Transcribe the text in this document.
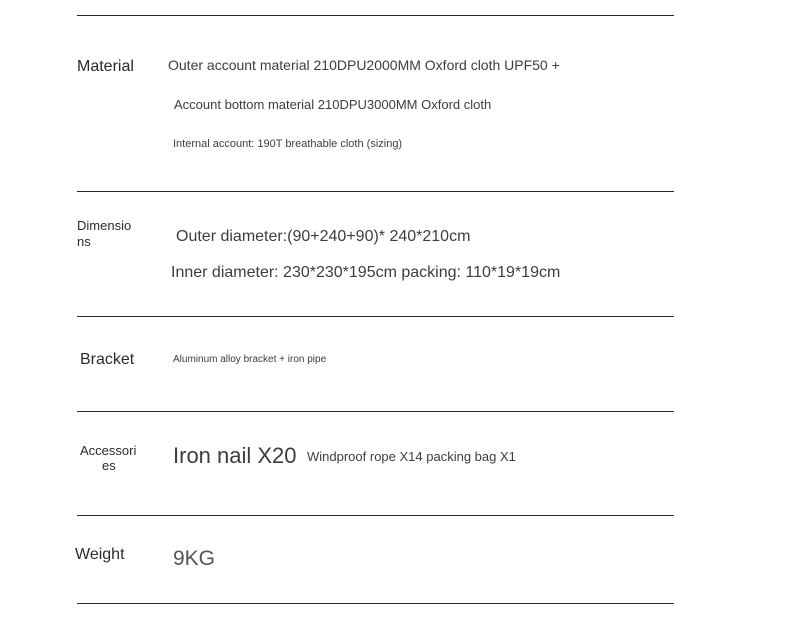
Material Outer account material 210DPU2000MM Oxford cloth UPF50 +
Account bottom material 210DPU3000MM Oxford cloth
Internal account: 190T breathable cloth (sizing)
Dimensio
ns	Outer diameter:(90+240+90)* 240*210cm
Inner diameter: 230*230*195cm packing: 110*19*19cm
Bracket	Aluminum alloy bracket + iron pipe
Accessori
es	Iron nail X20 Windproof rope X14 packing bag X1
Weight 9KG
